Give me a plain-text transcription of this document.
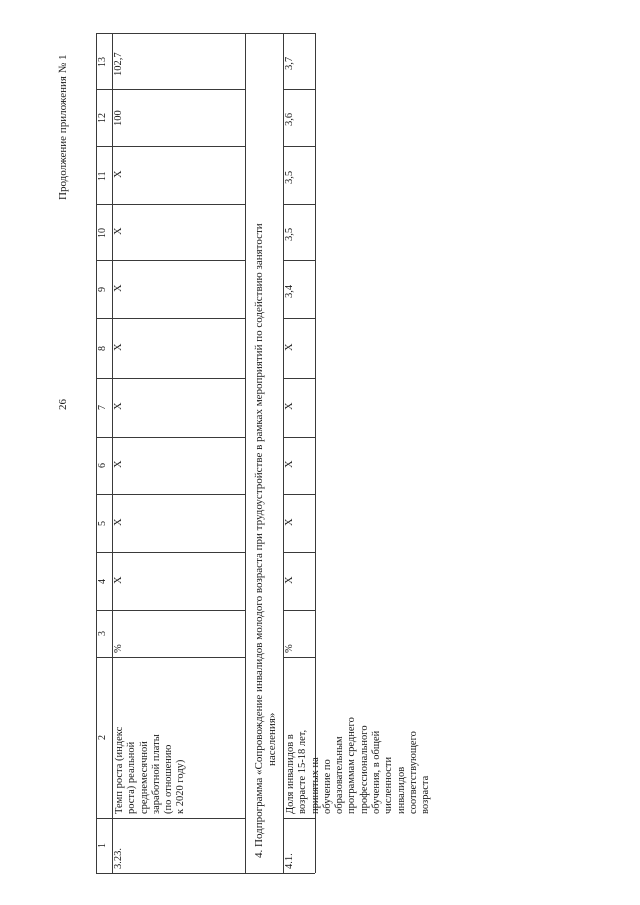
26
Продолжение приложения № 1
1
2
3
4
5
6
7
8
9
10
11
12
13
3.23.
Темп роста (индекс роста) реальной среднемесячной заработной платы (по отношению к 2020 году)
%
X
X
X
X
X
X
X
X
100
102,7
4. Подпрограмма «Сопровождение инвалидов молодого возраста при трудоустройстве в рамках мероприятий по содействию занятости населения»
4.1.
Доля инвалидов в возрасте 15-18 лет, принятых на обучение по образовательным программам среднего профессионального обучения, в общей численности инвалидов соответствующего возраста
%
X
X
X
X
X
3,4
3,5
3,5
3,6
3,7
